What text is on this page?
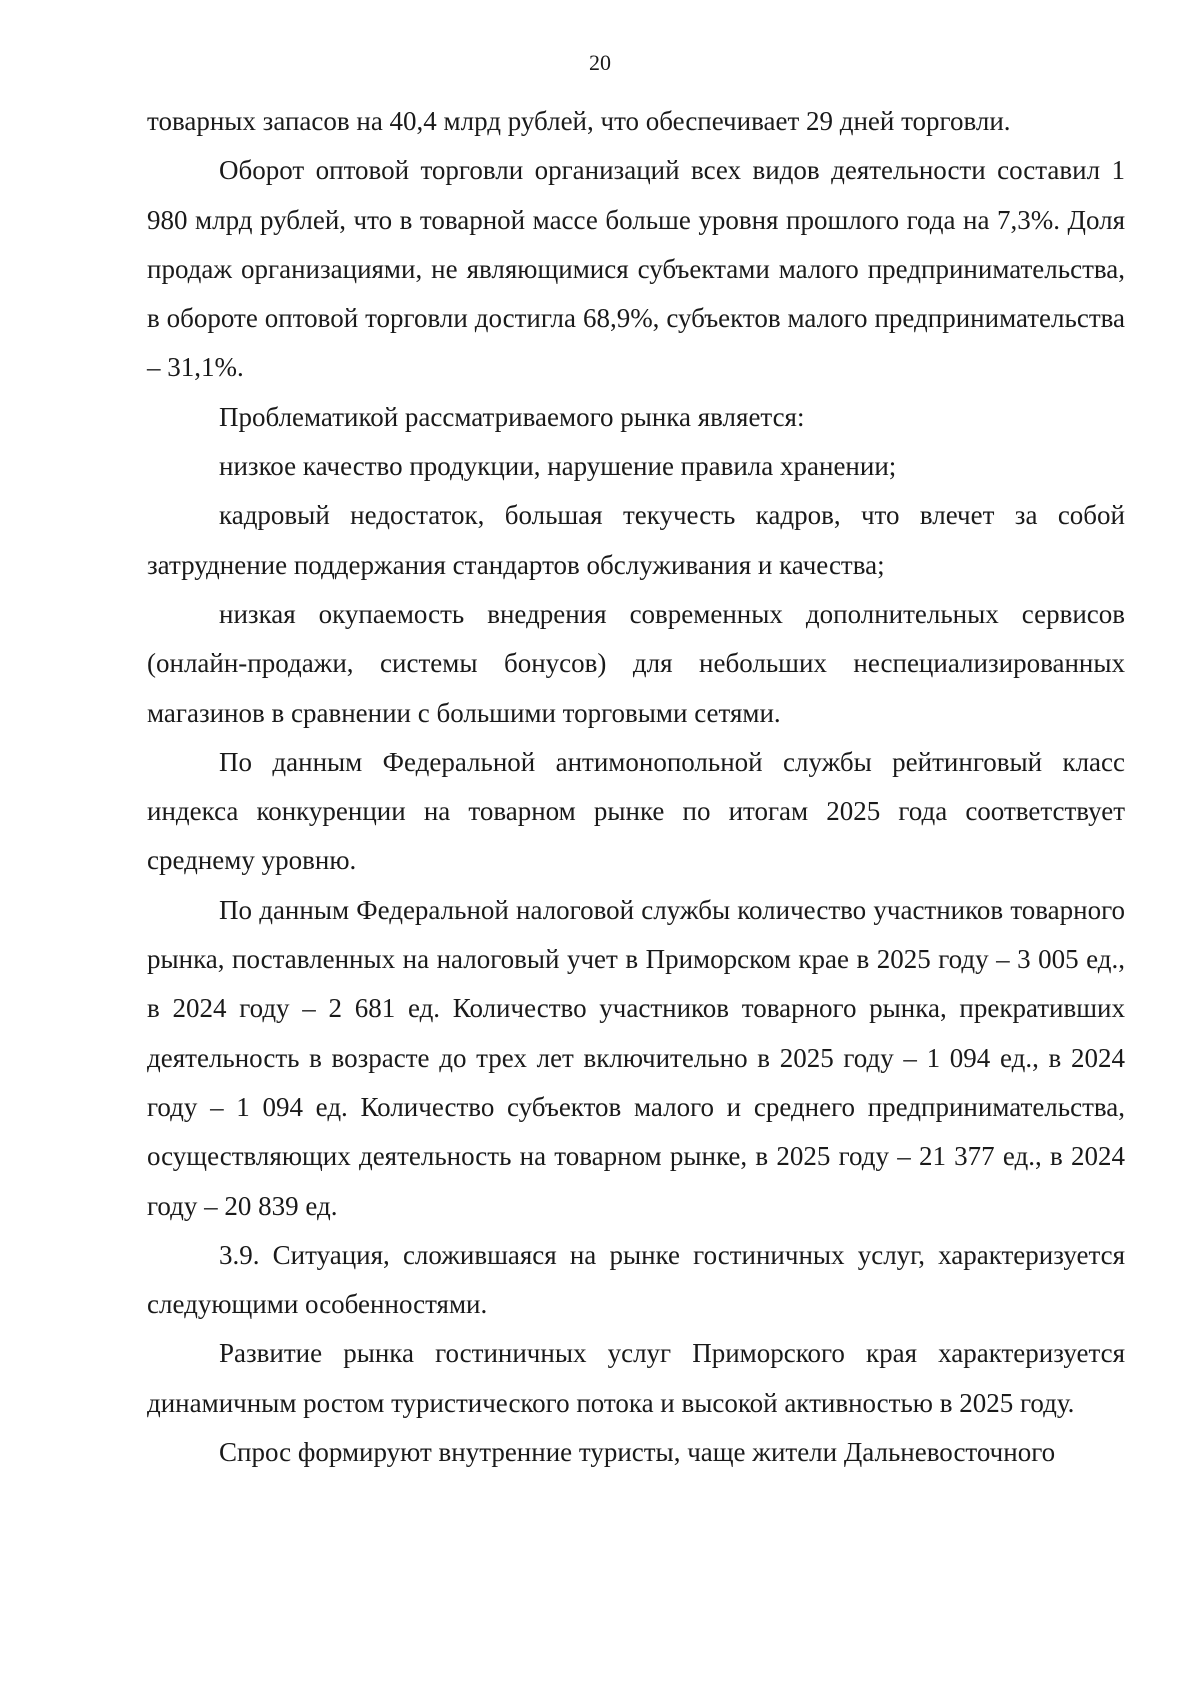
20

товарных запасов на 40,4 млрд рублей, что обеспечивает 29 дней торговли.

Оборот оптовой торговли организаций всех видов деятельности составил 1 980 млрд рублей, что в товарной массе больше уровня прошлого года на 7,3%. Доля продаж организациями, не являющимися субъектами малого предпринимательства, в обороте оптовой торговли достигла 68,9%, субъектов малого предпринимательства – 31,1%.

Проблематикой рассматриваемого рынка является:

низкое качество продукции, нарушение правила хранении;

кадровый недостаток, большая текучесть кадров, что влечет за собой затруднение поддержания стандартов обслуживания и качества;

низкая окупаемость внедрения современных дополнительных сервисов (онлайн-продажи, системы бонусов) для небольших неспециализированных магазинов в сравнении с большими торговыми сетями.

По данным Федеральной антимонопольной службы рейтинговый класс индекса конкуренции на товарном рынке по итогам 2025 года соответствует среднему уровню.

По данным Федеральной налоговой службы количество участников товарного рынка, поставленных на налоговый учет в Приморском крае в 2025 году – 3 005 ед., в 2024 году – 2 681 ед. Количество участников товарного рынка, прекративших деятельность в возрасте до трех лет включительно в 2025 году – 1 094 ед., в 2024 году – 1 094 ед. Количество субъектов малого и среднего предпринимательства, осуществляющих деятельность на товарном рынке, в 2025 году – 21 377 ед., в 2024 году – 20 839 ед.

3.9. Ситуация, сложившаяся на рынке гостиничных услуг, характеризуется следующими особенностями.

Развитие рынка гостиничных услуг Приморского края характеризуется динамичным ростом туристического потока и высокой активностью в 2025 году.

Спрос формируют внутренние туристы, чаще жители Дальневосточного
